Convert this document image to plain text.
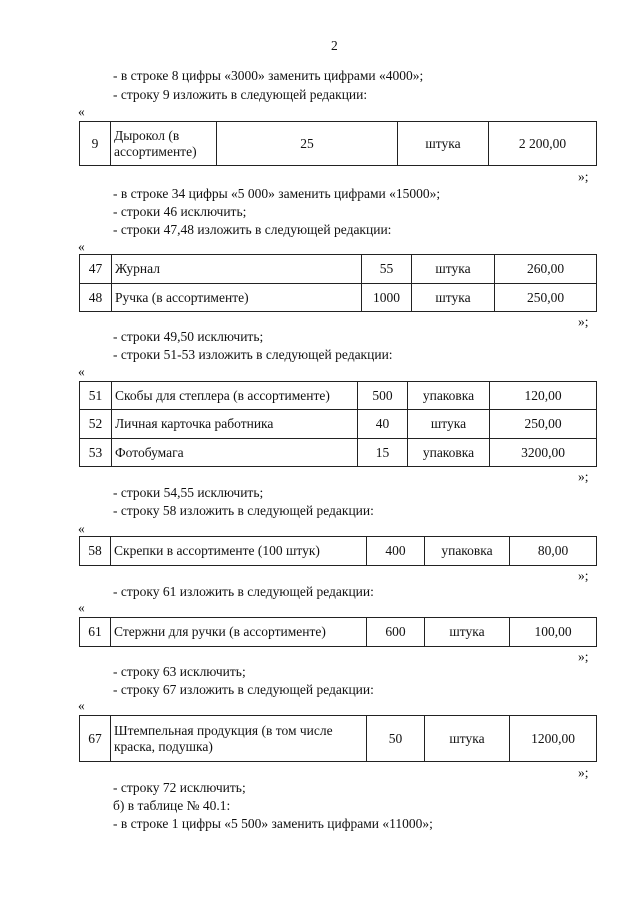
2
- в строке 8 цифры «3000» заменить цифрами «4000»;
- строку 9 изложить в следующей редакции:
«
9	Дырокол (в ассортименте)	25	штука	2 200,00
»;
- в строке 34 цифры «5 000» заменить цифрами «15000»;
- строки 46 исключить;
- строки 47,48 изложить в следующей редакции:
«
47	Журнал	55	штука	260,00
48	Ручка (в ассортименте)	1000	штука	250,00
»;
- строки 49,50 исключить;
- строки 51-53 изложить в следующей редакции:
«
51	Скобы для степлера (в ассортименте)	500	упаковка	120,00
52	Личная карточка работника	40	штука	250,00
53	Фотобумага	15	упаковка	3200,00
»;
- строки 54,55 исключить;
- строку 58 изложить в следующей редакции:
«
58	Скрепки в ассортименте (100 штук)	400	упаковка	80,00
»;
- строку 61 изложить в следующей редакции:
«
61	Стержни для ручки (в ассортименте)	600	штука	100,00
»;
- строку 63 исключить;
- строку 67 изложить в следующей редакции:
«
67	Штемпельная продукция (в том числе краска, подушка)	50	штука	1200,00
»;
- строку 72 исключить;
б) в таблице № 40.1:
- в строке 1 цифры «5 500» заменить цифрами «11000»;
